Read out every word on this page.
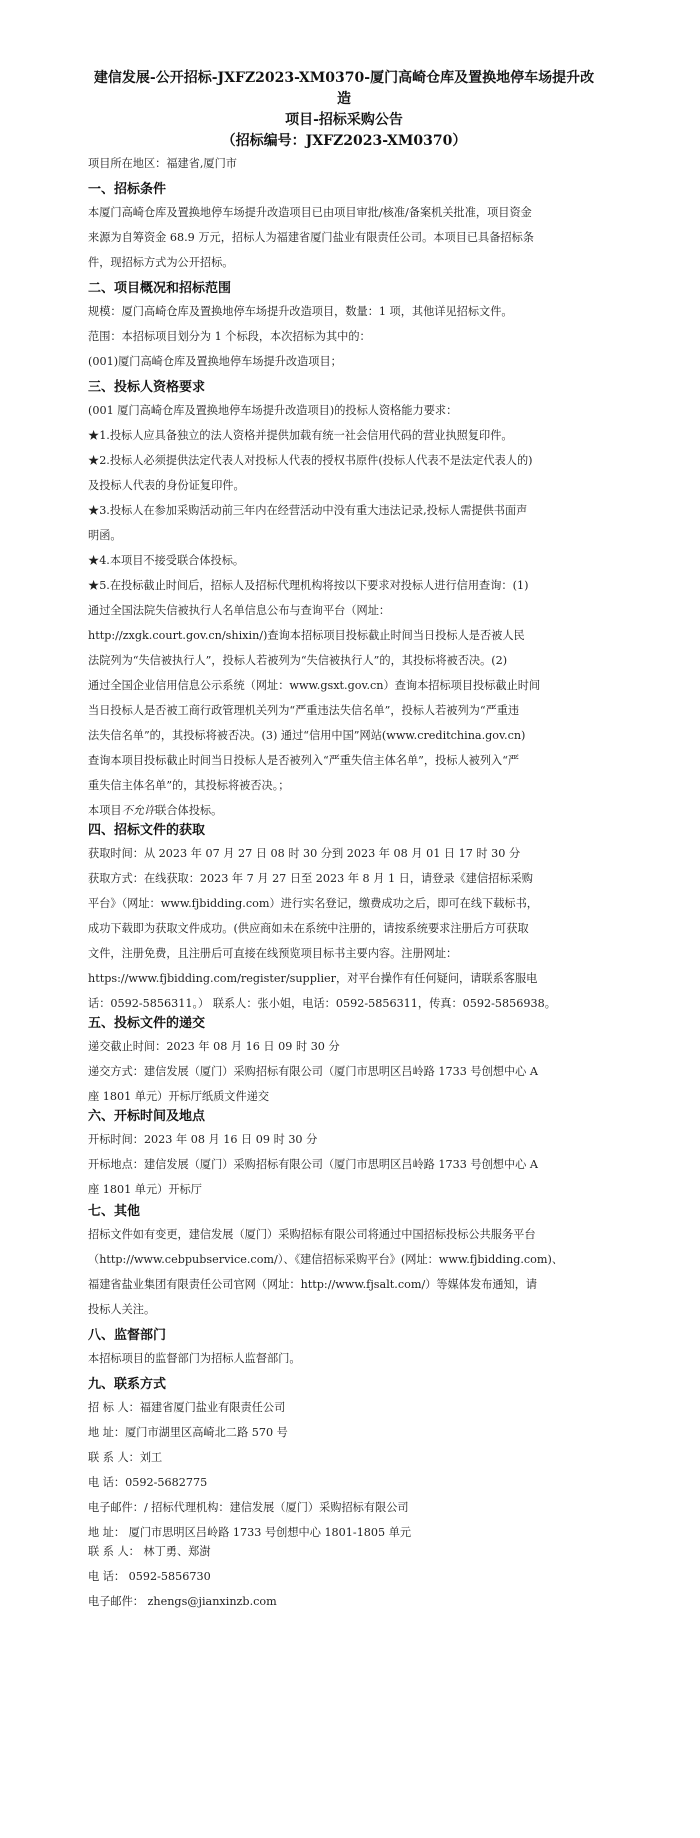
建信发展-公开招标-JXFZ2023-XM0370-厦门高崎仓库及置换地停车场提升改造
项目-招标采购公告
（招标编号：JXFZ2023-XM0370）
项目所在地区：福建省,厦门市
一、招标条件
本厦门高崎仓库及置换地停车场提升改造项目已由项目审批/核准/备案机关批准，项目资金
来源为自筹资金 68.9 万元，招标人为福建省厦门盐业有限责任公司。本项目已具备招标条
件，现招标方式为公开招标。
二、项目概况和招标范围
规模：厦门高崎仓库及置换地停车场提升改造项目，数量：1 项，其他详见招标文件。
范围：本招标项目划分为 1 个标段，本次招标为其中的：
(001)厦门高崎仓库及置换地停车场提升改造项目；
三、投标人资格要求
(001 厦门高崎仓库及置换地停车场提升改造项目)的投标人资格能力要求：
★1.投标人应具备独立的法人资格并提供加载有统一社会信用代码的营业执照复印件。
★2.投标人必须提供法定代表人对投标人代表的授权书原件(投标人代表不是法定代表人的)
及投标人代表的身份证复印件。
★3.投标人在参加采购活动前三年内在经营活动中没有重大违法记录,投标人需提供书面声
明函。
★4.本项目不接受联合体投标。
★5.在投标截止时间后，招标人及招标代理机构将按以下要求对投标人进行信用查询：(1)
通过全国法院失信被执行人名单信息公布与查询平台（网址：
http://zxgk.court.gov.cn/shixin/)查询本招标项目投标截止时间当日投标人是否被人民
法院列为“失信被执行人”，投标人若被列为“失信被执行人”的，其投标将被否决。(2)
通过全国企业信用信息公示系统（网址：www.gsxt.gov.cn）查询本招标项目投标截止时间
当日投标人是否被工商行政管理机关列为“严重违法失信名单”，投标人若被列为“严重违
法失信名单”的，其投标将被否决。(3) 通过“信用中国”网站(www.creditchina.gov.cn)
查询本项目投标截止时间当日投标人是否被列入“严重失信主体名单”，投标人被列入“严
重失信主体名单”的，其投标将被否决。；
本项目不允许联合体投标。
四、招标文件的获取
获取时间：从 2023 年 07 月 27 日 08 时 30 分到 2023 年 08 月 01 日 17 时 30 分
获取方式：在线获取：2023 年 7 月 27 日至 2023 年 8 月 1 日，请登录《建信招标采购
平台》（网址：www.fjbidding.com）进行实名登记，缴费成功之后，即可在线下载标书，
成功下载即为获取文件成功。(供应商如未在系统中注册的，请按系统要求注册后方可获取
文件，注册免费，且注册后可直接在线预览项目标书主要内容。注册网址：
https://www.fjbidding.com/register/supplier，对平台操作有任何疑问，请联系客服电
话：0592-5856311。） 联系人：张小姐，电话：0592-5856311，传真：0592-5856938。
五、投标文件的递交
递交截止时间：2023 年 08 月 16 日 09 时 30 分
递交方式：建信发展（厦门）采购招标有限公司（厦门市思明区吕岭路 1733 号创想中心 A
座 1801 单元）开标厅纸质文件递交
六、开标时间及地点
开标时间：2023 年 08 月 16 日 09 时 30 分
开标地点：建信发展（厦门）采购招标有限公司（厦门市思明区吕岭路 1733 号创想中心 A
座 1801 单元）开标厅
七、其他
招标文件如有变更，建信发展（厦门）采购招标有限公司将通过中国招标投标公共服务平台
（http://www.cebpubservice.com/）、《建信招标采购平台》(网址：www.fjbidding.com)、
福建省盐业集团有限责任公司官网（网址：http://www.fjsalt.com/）等媒体发布通知，请
投标人关注。
八、监督部门
本招标项目的监督部门为招标人监督部门。
九、联系方式
招 标 人：福建省厦门盐业有限责任公司
地 址：厦门市湖里区高崎北二路 570 号
联 系 人：刘工
电 话：0592-5682775
电子邮件：/ 招标代理机构：建信发展（厦门）采购招标有限公司
地 址： 厦门市思明区吕岭路 1733 号创想中心 1801-1805 单元
联 系 人： 林丁勇、郑澍
电 话： 0592-5856730
电子邮件： zhengs@jianxinzb.com
